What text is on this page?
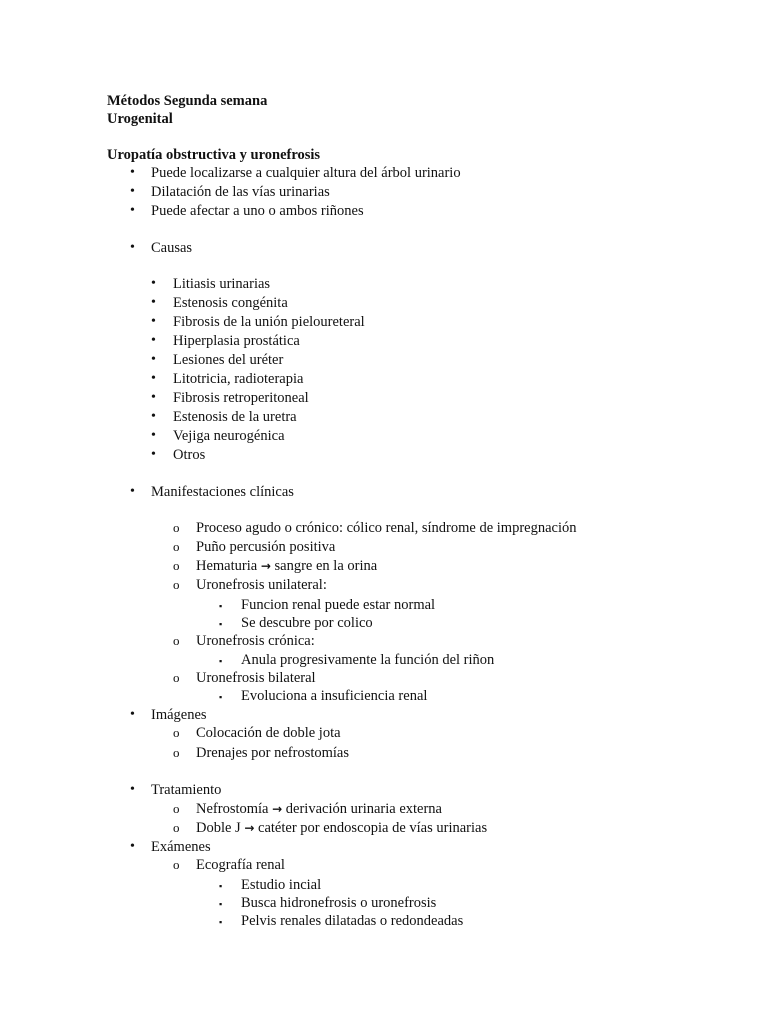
Métodos Segunda semana
Urogenital
Uropatía obstructiva y uronefrosis
• Puede localizarse a cualquier altura del árbol urinario
• Dilatación de las vías urinarias
• Puede afectar a uno o ambos riñones
• Causas
• Litiasis urinarias
• Estenosis congénita
• Fibrosis de la unión pieloureteral
• Hiperplasia prostática
• Lesiones del uréter
• Litotricia, radioterapia
• Fibrosis retroperitoneal
• Estenosis de la uretra
• Vejiga neurogénica
• Otros
• Manifestaciones clínicas
o Proceso agudo o crónico: cólico renal, síndrome de impregnación
o Puño percusión positiva
o Hematuria → sangre en la orina
o Uronefrosis unilateral:
▪ Funcion renal puede estar normal
▪ Se descubre por colico
o Uronefrosis crónica:
▪ Anula progresivamente la función del riñon
o Uronefrosis bilateral
▪ Evoluciona a insuficiencia renal
• Imágenes
o Colocación de doble jota
o Drenajes por nefrostomías
• Tratamiento
o Nefrostomía → derivación urinaria externa
o Doble J → catéter por endoscopia de vías urinarias
• Exámenes
o Ecografía renal
▪ Estudio incial
▪ Busca hidronefrosis o uronefrosis
▪ Pelvis renales dilatadas o redondeadas
